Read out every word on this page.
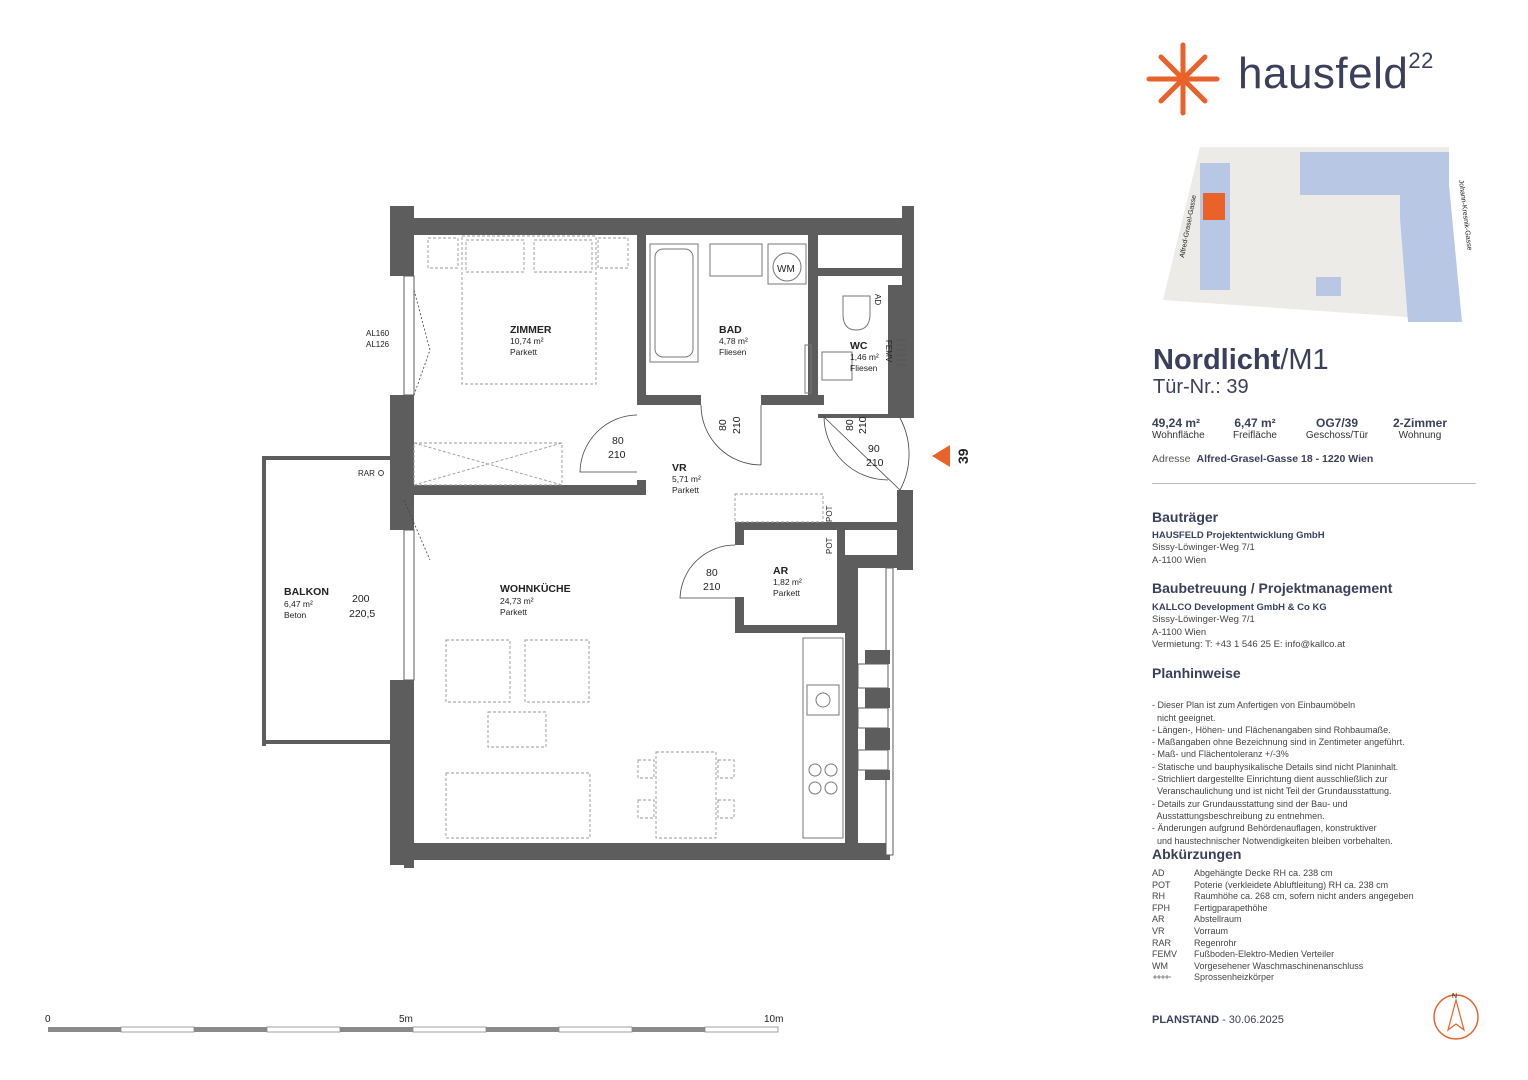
Alfred-Grasel-Gasse	Johann-Kresnik-Gasse
39
ZIMMER
10,74 m²
Parkett
BAD
4,78 m²
Fliesen	WC
1,46 m²
Fliesen
VR
5,71 m²
Parkett
AR
1,82 m²
Parkett
WOHNKÜCHE
24,73 m²
Parkett
BALKON
6,47 m²
Beton
80
210
80 210	80 210
90
210
80
210
200
220,5
AL160
AL126
RAR
WM
AD
FEMV
POT
POT
0	5m	10m
N
hausfeld$^{22}$
Nordlicht/M1
Tür-Nr.: 39
49,24 m²
Wohnfläche
6,47 m²
Freifläche
OG7/39
Geschoss/Tür
2-Zimmer
Wohnung
Adresse Alfred-Grasel-Gasse 18 - 1220 Wien
Bauträger
HAUSFELD Projektentwicklung GmbH
Sissy-Löwinger-Weg 7/1
A-1100 Wien
Baubetreuung / Projektmanagement
KALLCO Development GmbH & Co KG
Sissy-Löwinger-Weg 7/1
A-1100 Wien
Vermietung: T: +43 1 546 25 E: info@kallco.at
Planhinweise

- Dieser Plan ist zum Anfertigen von Einbaumöbeln
nicht geeignet.
- Längen-, Höhen- und Flächenangaben sind Rohbaumaße.
- Maßangaben ohne Bezeichnung sind in Zentimeter angeführt.
- Maß- und Flächentoleranz +/-3%
- Statische und bauphysikalische Details sind nicht Planinhalt.
- Strichliert dargestellte Einrichtung dient ausschließlich zur
Veranschaulichung und ist nicht Teil der Grundausstattung.
- Details zur Grundausstattung sind der Bau- und
Ausstattungsbeschreibung zu entnehmen.
- Änderungen aufgrund Behördenauflagen, konstruktiver
und haustechnischer Notwendigkeiten bleiben vorbehalten.

Abkürzungen
AD	Abgehängte Decke RH ca. 238 cm
POT	Poterie (verkleidete Abluftleitung) RH ca. 238 cm
RH	Raumhöhe ca. 268 cm, sofern nicht anders angegeben
FPH	Fertigparapethöhe
AR	Abstellraum
VR	Vorraum
RAR	Regenrohr
FEMV	Fußboden-Elektro-Medien Verteiler
WM	Vorgesehener Waschmaschinenanschluss
Sprossenheizkörper
PLANSTAND - 30.06.2025
